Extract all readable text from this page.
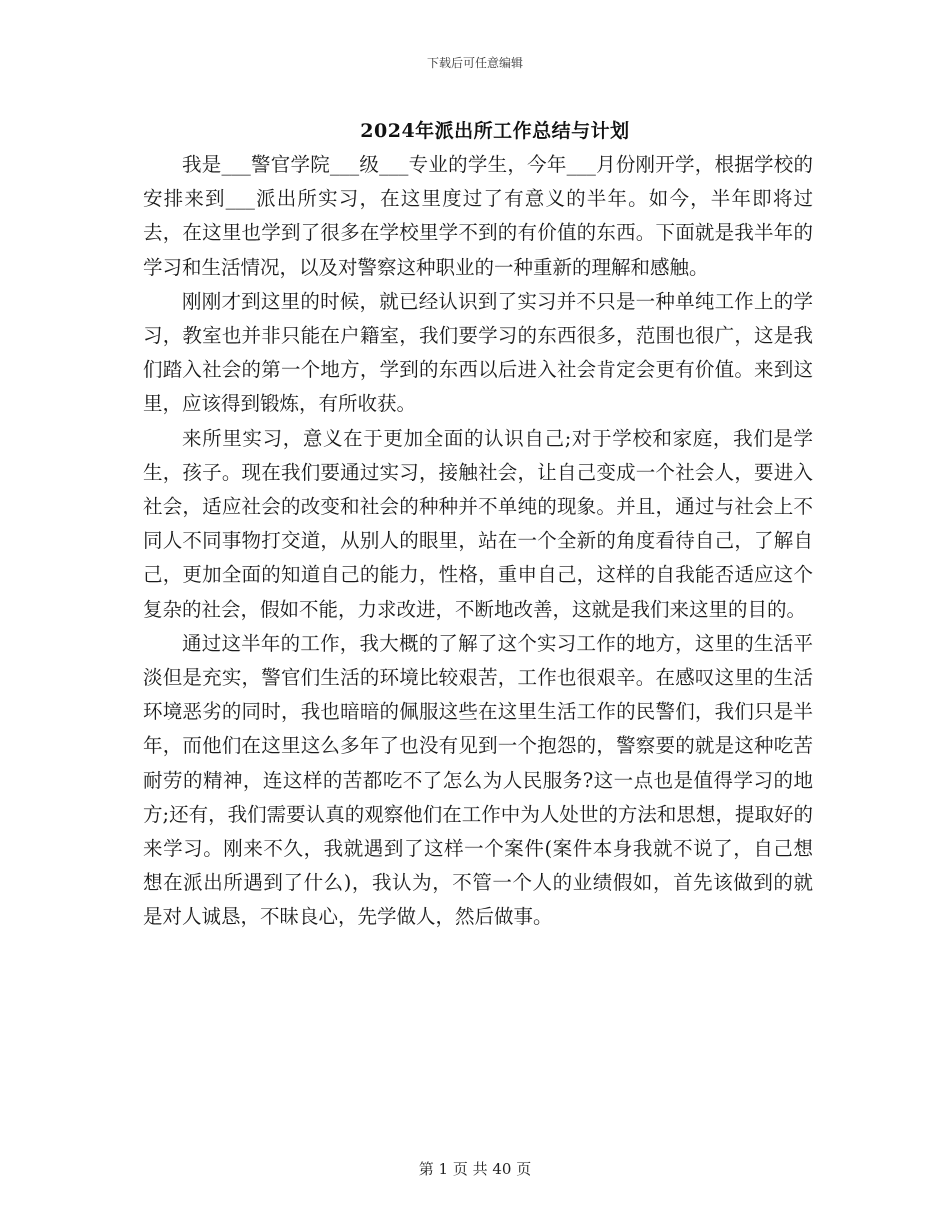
下载后可任意编辑
2024年派出所工作总结与计划

我是___警官学院___级___专业的学生，今年___月份刚开学，根据学校的安排来到___派出所实习，在这里度过了有意义的半年。如今，半年即将过去，在这里也学到了很多在学校里学不到的有价值的东西。下面就是我半年的学习和生活情况，以及对警察这种职业的一种重新的理解和感触。

刚刚才到这里的时候，就已经认识到了实习并不只是一种单纯工作上的学习，教室也并非只能在户籍室，我们要学习的东西很多，范围也很广，这是我们踏入社会的第一个地方，学到的东西以后进入社会肯定会更有价值。来到这里，应该得到锻炼，有所收获。

来所里实习，意义在于更加全面的认识自己;对于学校和家庭，我们是学生，孩子。现在我们要通过实习，接触社会，让自己变成一个社会人，要进入社会，适应社会的改变和社会的种种并不单纯的现象。并且，通过与社会上不同人不同事物打交道，从别人的眼里，站在一个全新的角度看待自己，了解自己，更加全面的知道自己的能力，性格，重申自己，这样的自我能否适应这个复杂的社会，假如不能，力求改进，不断地改善，这就是我们来这里的目的。

通过这半年的工作，我大概的了解了这个实习工作的地方，这里的生活平淡但是充实，警官们生活的环境比较艰苦，工作也很艰辛。在感叹这里的生活环境恶劣的同时，我也暗暗的佩服这些在这里生活工作的民警们，我们只是半年，而他们在这里这么多年了也没有见到一个抱怨的，警察要的就是这种吃苦耐劳的精神，连这样的苦都吃不了怎么为人民服务?这一点也是值得学习的地方;还有，我们需要认真的观察他们在工作中为人处世的方法和思想，提取好的来学习。刚来不久，我就遇到了这样一个案件(案件本身我就不说了，自己想想在派出所遇到了什么)，我认为，不管一个人的业绩假如，首先该做到的就是对人诚恳，不昧良心，先学做人，然后做事。

第 1 页 共 40 页
